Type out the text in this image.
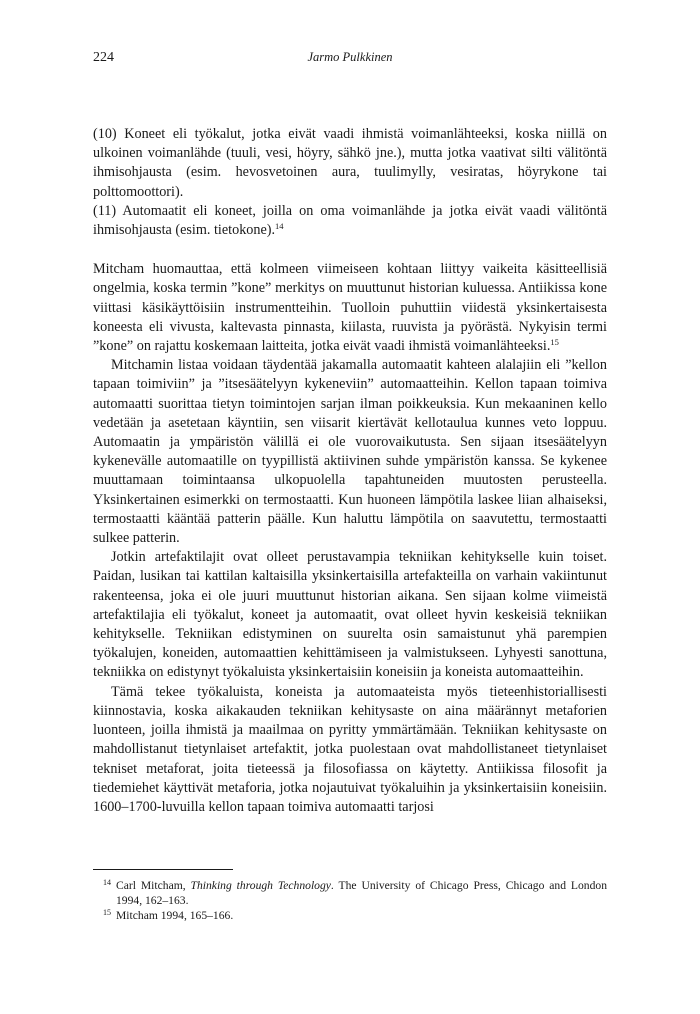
224	Jarmo Pulkkinen

(10) Koneet eli työkalut, jotka eivät vaadi ihmistä voimanlähteeksi, koska niillä on ulkoinen voimanlähde (tuuli, vesi, höyry, sähkö jne.), mutta jotka vaativat silti välitöntä ihmisohjausta (esim. hevosvetoinen aura, tuulimylly, vesiratas, höyrykone tai polttomoottori).

(11) Automaatit eli koneet, joilla on oma voimanlähde ja jotka eivät vaadi välitöntä ihmisohjausta (esim. tietokone).$^{14}$

Mitcham huomauttaa, että kolmeen viimeiseen kohtaan liittyy vaikeita käsitteellisiä ongelmia, koska termin ”kone” merkitys on muuttunut historian kuluessa. Antiikissa kone viittasi käsikäyttöisiin instrumentteihin. Tuolloin puhuttiin viidestä yksinkertaisesta koneesta eli vivusta, kaltevasta pinnasta, kiilasta, ruuvista ja pyörästä. Nykyisin termi ”kone” on rajattu koskemaan laitteita, jotka eivät vaadi ihmistä voimanlähteeksi.$^{15}$

Mitchamin listaa voidaan täydentää jakamalla automaatit kahteen alalajiin eli ”kellon tapaan toimiviin” ja ”itsesäätelyyn kykeneviin” automaatteihin. Kellon tapaan toimiva automaatti suorittaa tietyn toimintojen sarjan ilman poikkeuksia. Kun mekaaninen kello vedetään ja asetetaan käyntiin, sen viisarit kiertävät kellotaulua kunnes veto loppuu. Automaatin ja ympäristön välillä ei ole vuorovaikutusta. Sen sijaan itsesäätelyyn kykenevälle automaatille on tyypillistä aktiivinen suhde ympäristön kanssa. Se kykenee muuttamaan toimintaansa ulkopuolella tapahtuneiden muutosten perusteella. Yksinkertainen esimerkki on termostaatti. Kun huoneen lämpötila laskee liian alhaiseksi, termostaatti kääntää patterin päälle. Kun haluttu lämpötila on saavutettu, termostaatti sulkee patterin.

Jotkin artefaktilajit ovat olleet perustavampia tekniikan kehitykselle kuin toiset. Paidan, lusikan tai kattilan kaltaisilla yksinkertaisilla artefakteilla on varhain vakiintunut rakenteensa, joka ei ole juuri muuttunut historian aikana. Sen sijaan kolme viimeistä artefaktilajia eli työkalut, koneet ja automaatit, ovat olleet hyvin keskeisiä tekniikan kehitykselle. Tekniikan edistyminen on suurelta osin samaistunut yhä parempien työkalujen, koneiden, automaattien kehittämiseen ja valmistukseen. Lyhyesti sanottuna, tekniikka on edistynyt työkaluista yksinkertaisiin koneisiin ja koneista automaatteihin.

Tämä tekee työkaluista, koneista ja automaateista myös tieteenhistoriallisesti kiinnostavia, koska aikakauden tekniikan kehitysaste on aina määrännyt metaforien luonteen, joilla ihmistä ja maailmaa on pyritty ymmärtämään. Tekniikan kehitysaste on mahdollistanut tietynlaiset artefaktit, jotka puolestaan ovat mahdollistaneet tietynlaiset tekniset metaforat, joita tieteessä ja filosofiassa on käytetty. Antiikissa filosofit ja tiedemiehet käyttivät metaforia, jotka nojautuivat työkaluihin ja yksinkertaisiin koneisiin. 1600–1700-luvuilla kellon tapaan toimiva automaatti tarjosi

14 Carl Mitcham, Thinking through Technology. The University of Chicago Press, Chicago and London 1994, 162–163.
15 Mitcham 1994, 165–166.
